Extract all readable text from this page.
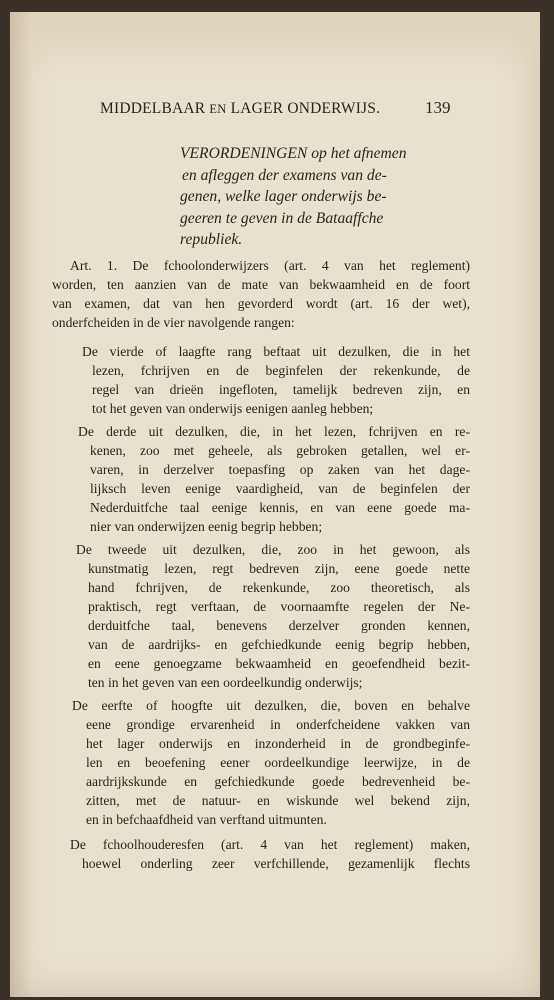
MIDDELBAAR EN LAGER ONDERWIJS.	139
VERORDENINGEN op het afnemen
en afleggen der examens van de-
genen, welke lager onderwijs be-
geeren te geven in de Bataaffche
republiek.
Art. 1. De fchoolonderwijzers (art. 4 van het reglement)
worden, ten aanzien van de mate van bekwaamheid en de foort
van examen, dat van hen gevorderd wordt (art. 16 der wet),
onderfcheiden in de vier navolgende rangen:
De vierde of laagfte rang beftaat uit dezulken, die in het
lezen, fchrijven en de beginfelen der rekenkunde, de
regel van drieën ingefloten, tamelijk bedreven zijn, en
tot het geven van onderwijs eenigen aanleg hebben;
De derde uit dezulken, die, in het lezen, fchrijven en re-
kenen, zoo met geheele, als gebroken getallen, wel er-
varen, in derzelver toepasfing op zaken van het dage-
lijksch leven eenige vaardigheid, van de beginfelen der
Nederduitfche taal eenige kennis, en van eene goede ma-
nier van onderwijzen eenig begrip hebben;
De tweede uit dezulken, die, zoo in het gewoon, als
kunstmatig lezen, regt bedreven zijn, eene goede nette
hand fchrijven, de rekenkunde, zoo theoretisch, als
praktisch, regt verftaan, de voornaamfte regelen der Ne-
derduitfche taal, benevens derzelver gronden kennen,
van de aardrijks- en gefchiedkunde eenig begrip hebben,
en eene genoegzame bekwaamheid en geoefendheid bezit-
ten in het geven van een oordeelkundig onderwijs;
De eerfte of hoogfte uit dezulken, die, boven en behalve
eene grondige ervarenheid in onderfcheidene vakken van
het lager onderwijs en inzonderheid in de grondbeginfe-
len en beoefening eener oordeelkundige leerwijze, in de
aardrijkskunde en gefchiedkunde goede bedrevenheid be-
zitten, met de natuur- en wiskunde wel bekend zijn,
en in befchaafdheid van verftand uitmunten.
De fchoolhouderesfen (art. 4 van het reglement) maken,
hoewel onderling zeer verfchillende, gezamenlijk flechts
